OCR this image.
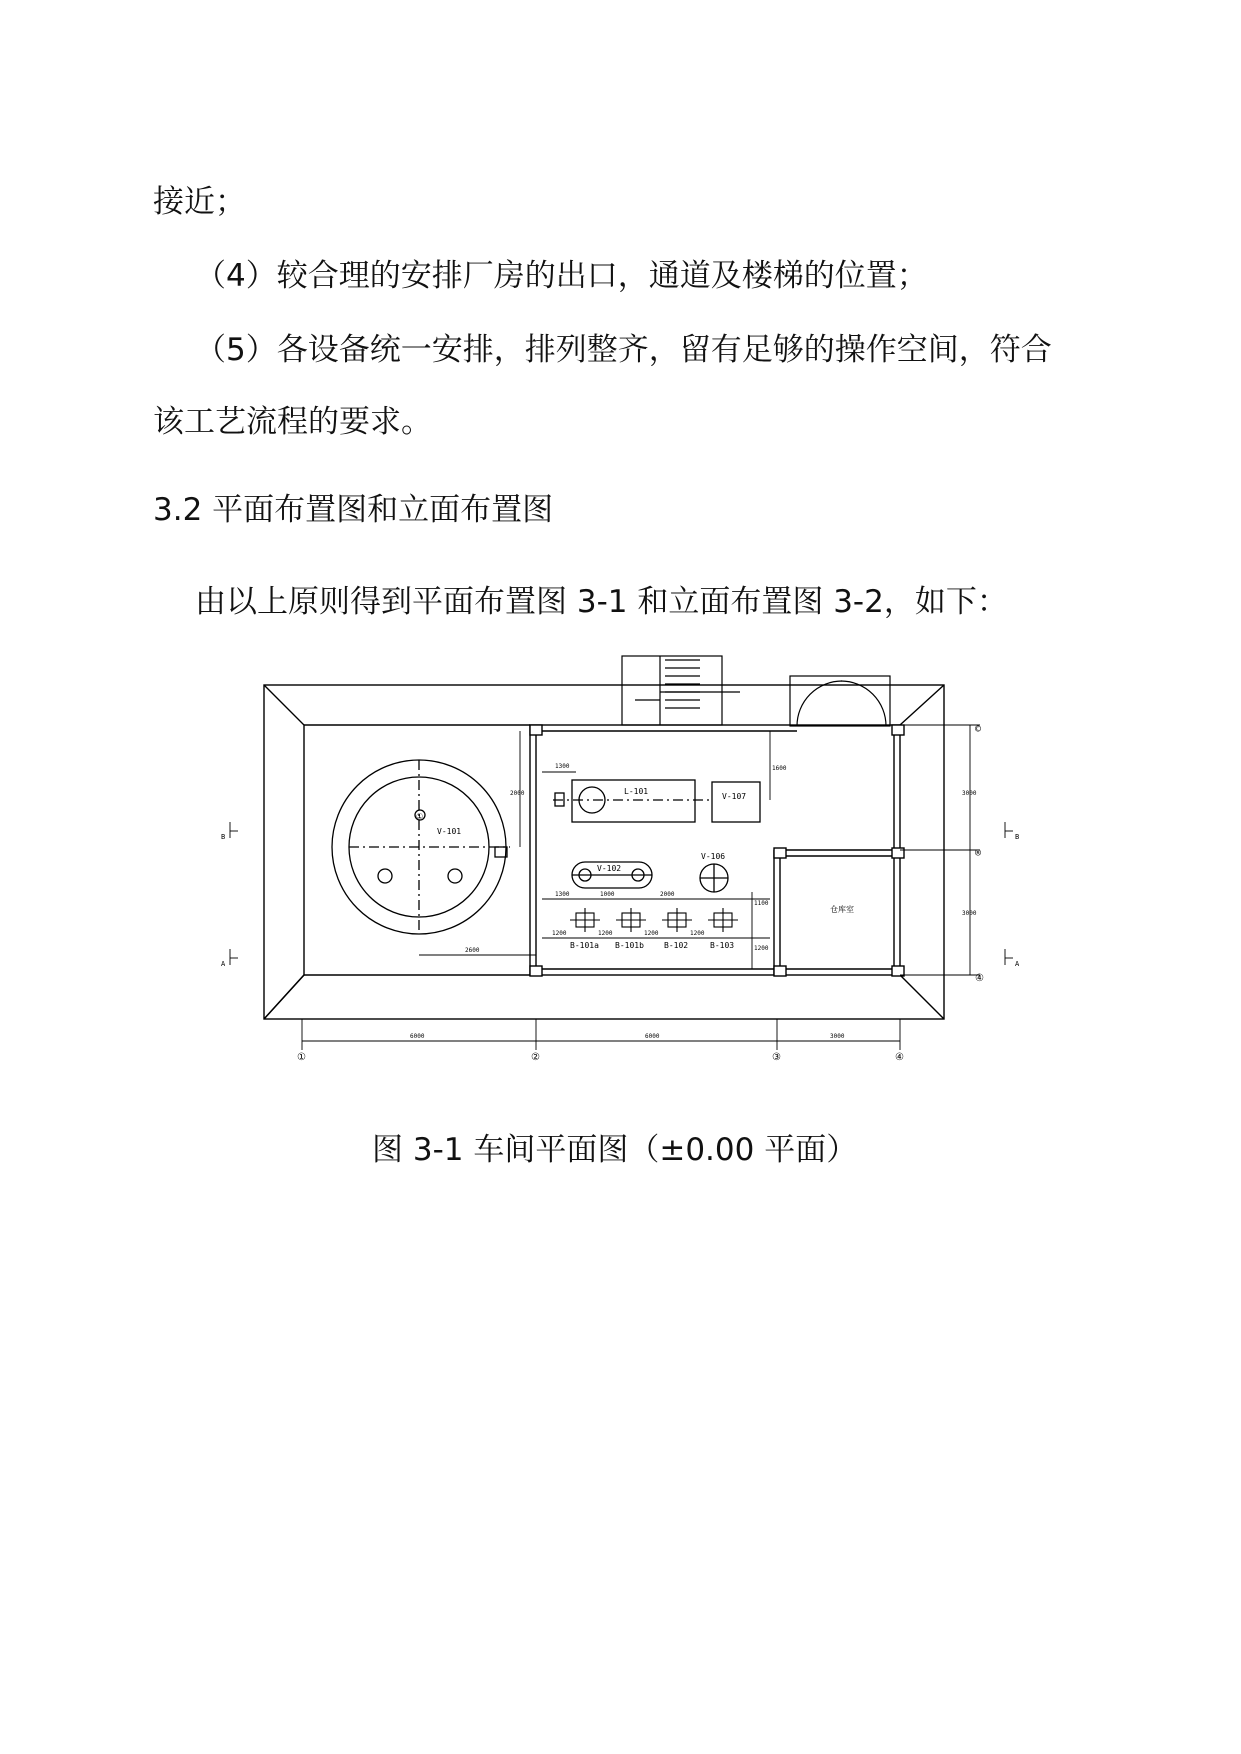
接近；
（4）较合理的安排厂房的出口，通道及楼梯的位置；
（5）各设备统一安排，排列整齐，留有足够的操作空间，符合
该工艺流程的要求。
3.2 平面布置图和立面布置图
由以上原则得到平面布置图 3-1 和立面布置图 3-2，如下：
V-101
①
L-101
V-107
V-102
V-106
B-101a B-101b	B-102	B-103
仓库室
1300	1600
2000
1300	1000	2000
1100
1200	1200	1200	1200
1200
2600
3000
3000
6000	6000	3000
①	②	③	④
©
®
④
B
A
B
A
图 3-1 车间平面图（±0.00 平面）
